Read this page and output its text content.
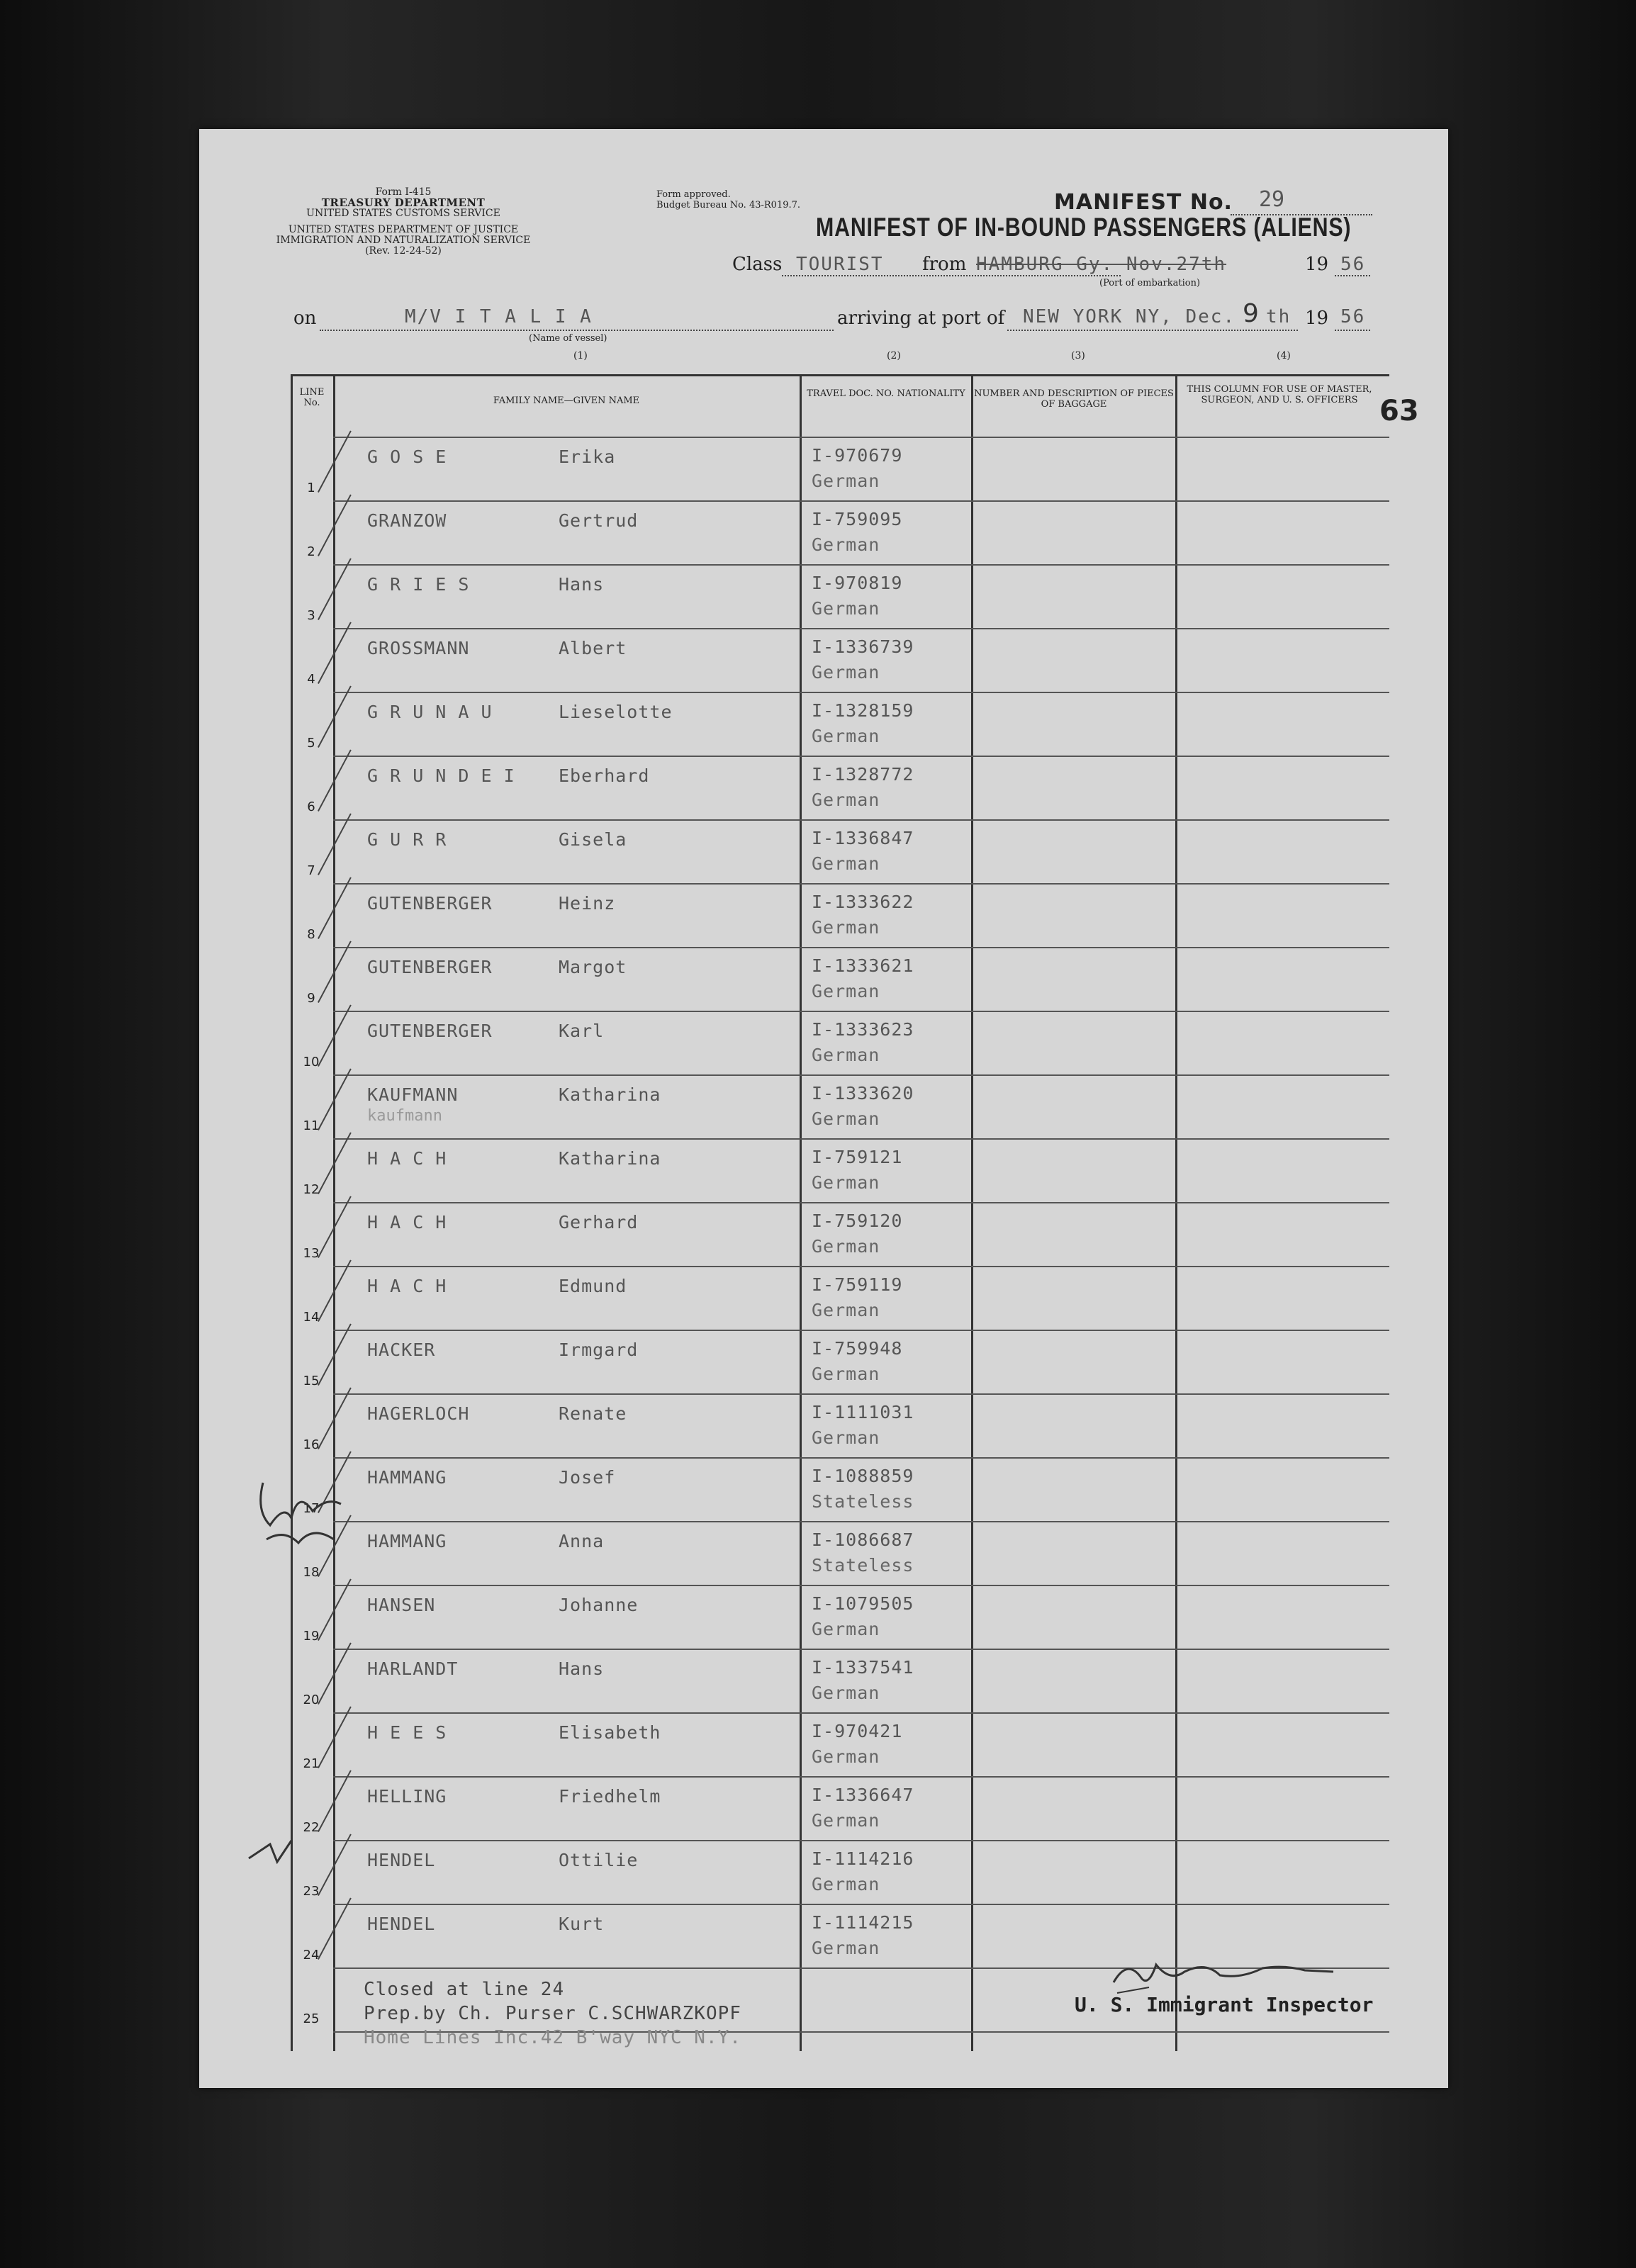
Form I-415
TREASURY DEPARTMENT
UNITED STATES CUSTOMS SERVICE
UNITED STATES DEPARTMENT OF JUSTICE
IMMIGRATION AND NATURALIZATION SERVICE
(Rev. 12-24-52)
Form approved.
Budget Bureau No. 43-R019.7.	MANIFEST No. 29
MANIFEST OF IN-BOUND PASSENGERS (ALIENS)
Class TOURIST from HAMBURG Gy. Nov.27th	19 56
(Port of embarkation)
on	M/V I T A L I A
(Name of vessel)
arriving at port of NEW YORK NY, Dec. 9 th 19 56
(1)	(2)	(3)	(4)
63
LINE No.	FAMILY NAME—GIVEN NAME
TRAVEL DOC. NO. NATIONALITY NUMBER AND DESCRIPTION OF PIECES OF BAGGAGE
THIS COLUMN FOR USE OF MASTER, SURGEON, AND U. S. OFFICERS
1
G O S E	Erika	I-970679
German
2
GRANZOW	Gertrud	I-759095
German
3
G R I E S	Hans	I-970819
German
4
GROSSMANN	Albert	I-1336739
German
5
G R U N A U	Lieselotte	I-1328159
German
6
G R U N D E I Eberhard	I-1328772
German
7
G U R R	Gisela	I-1336847
German
8
GUTENBERGER	Heinz	I-1333622
German
9
GUTENBERGER	Margot	I-1333621
German
10
GUTENBERGER	Karl	I-1333623
German
11
KAUFMANN	Katharina	I-1333620
German
kaufmann
12
H A C H	Katharina	I-759121
German
13
H A C H	Gerhard	I-759120
German
14
H A C H	Edmund	I-759119
German
15
HACKER	Irmgard	I-759948
German
16
HAGERLOCH	Renate	I-1111031
German
17
HAMMANG	Josef	I-1088859
Stateless
18
HAMMANG	Anna	I-1086687
Stateless
19
HANSEN	Johanne	I-1079505
German
20
HARLANDT	Hans	I-1337541
German
21
H E E S	Elisabeth	I-970421
German
22
HELLING	Friedhelm	I-1336647
German
23
HENDEL	Ottilie	I-1114216
German
24
HENDEL	Kurt	I-1114215
German
25
Closed at line 24
Prep.by Ch. Purser C.SCHWARZKOPF
Home Lines Inc.42 B'way NYC N.Y.
U. S. Immigrant Inspector
